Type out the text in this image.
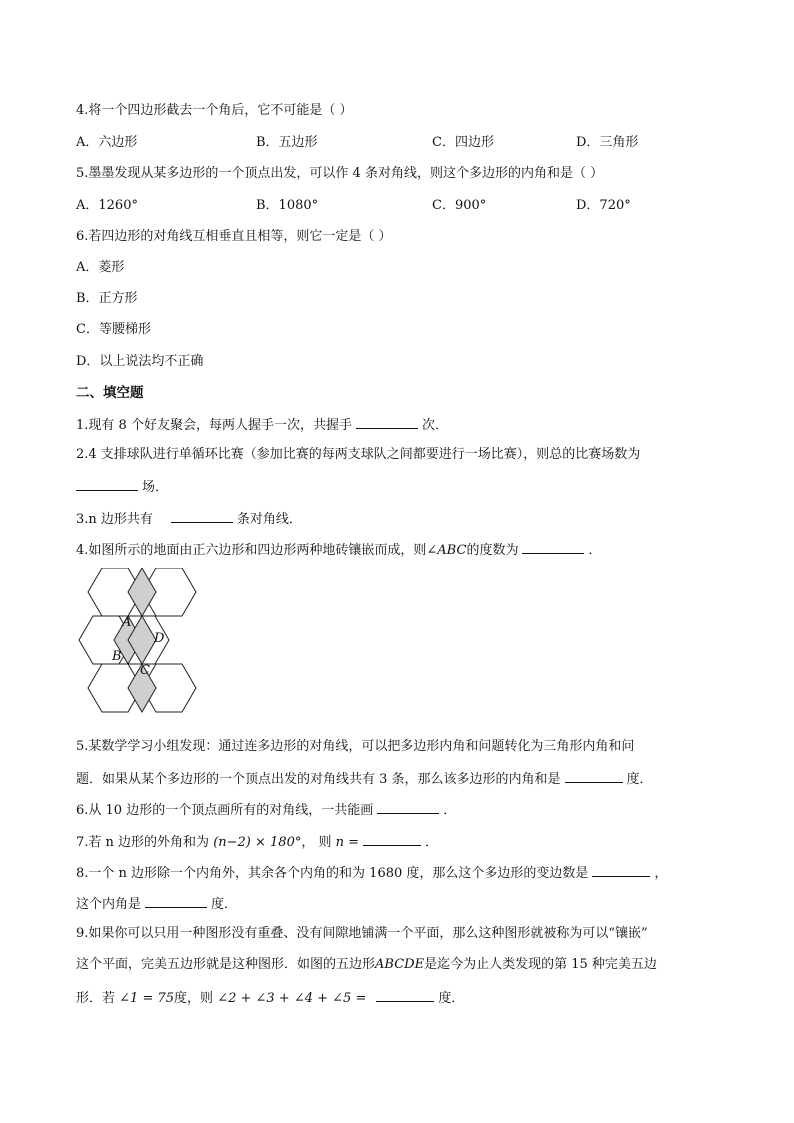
4.将一个四边形截去一个角后，它不可能是（ ）
A．六边形	B．五边形	C．四边形	D．三角形
5.墨墨发现从某多边形的一个顶点出发，可以作 4 条对角线，则这个多边形的内角和是（ ）
A．1260°	B．1080°	C．900°	D．720°
6.若四边形的对角线互相垂直且相等，则它一定是（ ）
A．菱形
B．正方形
C．等腰梯形
D．以上说法均不正确
二、填空题
1.现有 8 个好友聚会，每两人握手一次，共握手	次．
2.4 支排球队进行单循环比赛（参加比赛的每两支球队之间都要进行一场比赛），则总的比赛场数为
场．
3.n 边形共有	条对角线．
4.如图所示的地面由正六边形和四边形两种地砖镶嵌而成，则∠ABC的度数为	．
A
D
B
C
5.某数学学习小组发现：通过连多边形的对角线，可以把多边形内角和问题转化为三角形内角和问
题．如果从某个多边形的一个顶点出发的对角线共有 3 条，那么该多边形的内角和是	度．
6.从 10 边形的一个顶点画所有的对角线，一共能画	．
7.若 n 边形的外角和为 (n−2) × 180°， 则 n =	．
8.一个 n 边形除一个内角外，其余各个内角的和为 1680 度，那么这个多边形的变边数是	，
这个内角是	度．
9.如果你可以只用一种图形没有重叠、没有间隙地铺满一个平面，那么这种图形就被称为可以“镶嵌”
这个平面，完美五边形就是这种图形．如图的五边形ABCDE是迄今为止人类发现的第 15 种完美五边
形．若 ∠1 = 75度，则 ∠2 + ∠3 + ∠4 + ∠5 =	度．
